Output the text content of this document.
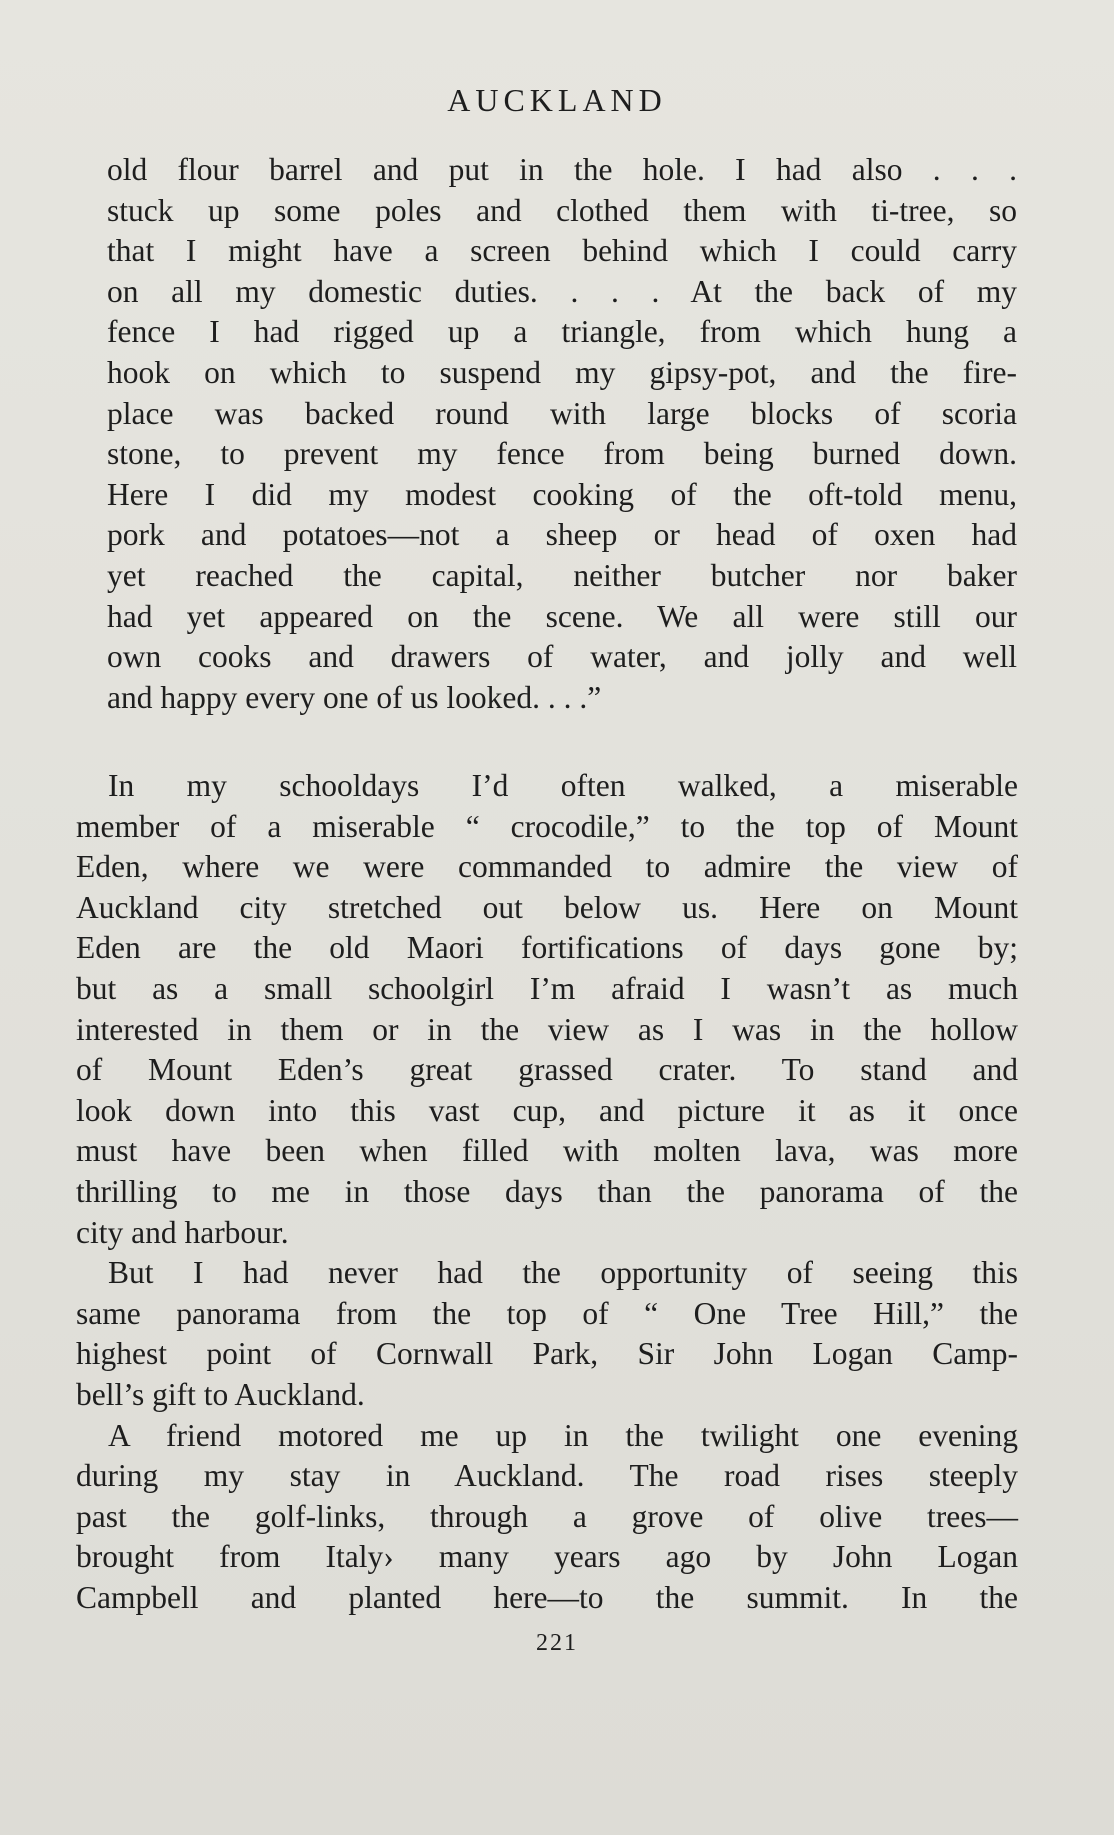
AUCKLAND
old flour barrel and put in the hole. I had also . . .
stuck up some poles and clothed them with ti-tree, so
that I might have a screen behind which I could carry
on all my domestic duties. . . . At the back of my
fence I had rigged up a triangle, from which hung a
hook on which to suspend my gipsy-pot, and the fire-
place was backed round with large blocks of scoria
stone, to prevent my fence from being burned down.
Here I did my modest cooking of the oft-told menu,
pork and potatoes—not a sheep or head of oxen had
yet reached the capital, neither butcher nor baker
had yet appeared on the scene. We all were still our
own cooks and drawers of water, and jolly and well
and happy every one of us looked. . . .”
In my schooldays I’d often walked, a miserable
member of a miserable “ crocodile,” to the top of Mount
Eden, where we were commanded to admire the view of
Auckland city stretched out below us. Here on Mount
Eden are the old Maori fortifications of days gone by;
but as a small schoolgirl I’m afraid I wasn’t as much
interested in them or in the view as I was in the hollow
of Mount Eden’s great grassed crater. To stand and
look down into this vast cup, and picture it as it once
must have been when filled with molten lava, was more
thrilling to me in those days than the panorama of the
city and harbour.
But I had never had the opportunity of seeing this
same panorama from the top of “ One Tree Hill,” the
highest point of Cornwall Park, Sir John Logan Camp-
bell’s gift to Auckland.
A friend motored me up in the twilight one evening
during my stay in Auckland. The road rises steeply
past the golf-links, through a grove of olive trees—
brought from Italy› many years ago by John Logan
Campbell and planted here—to the summit. In the
221
